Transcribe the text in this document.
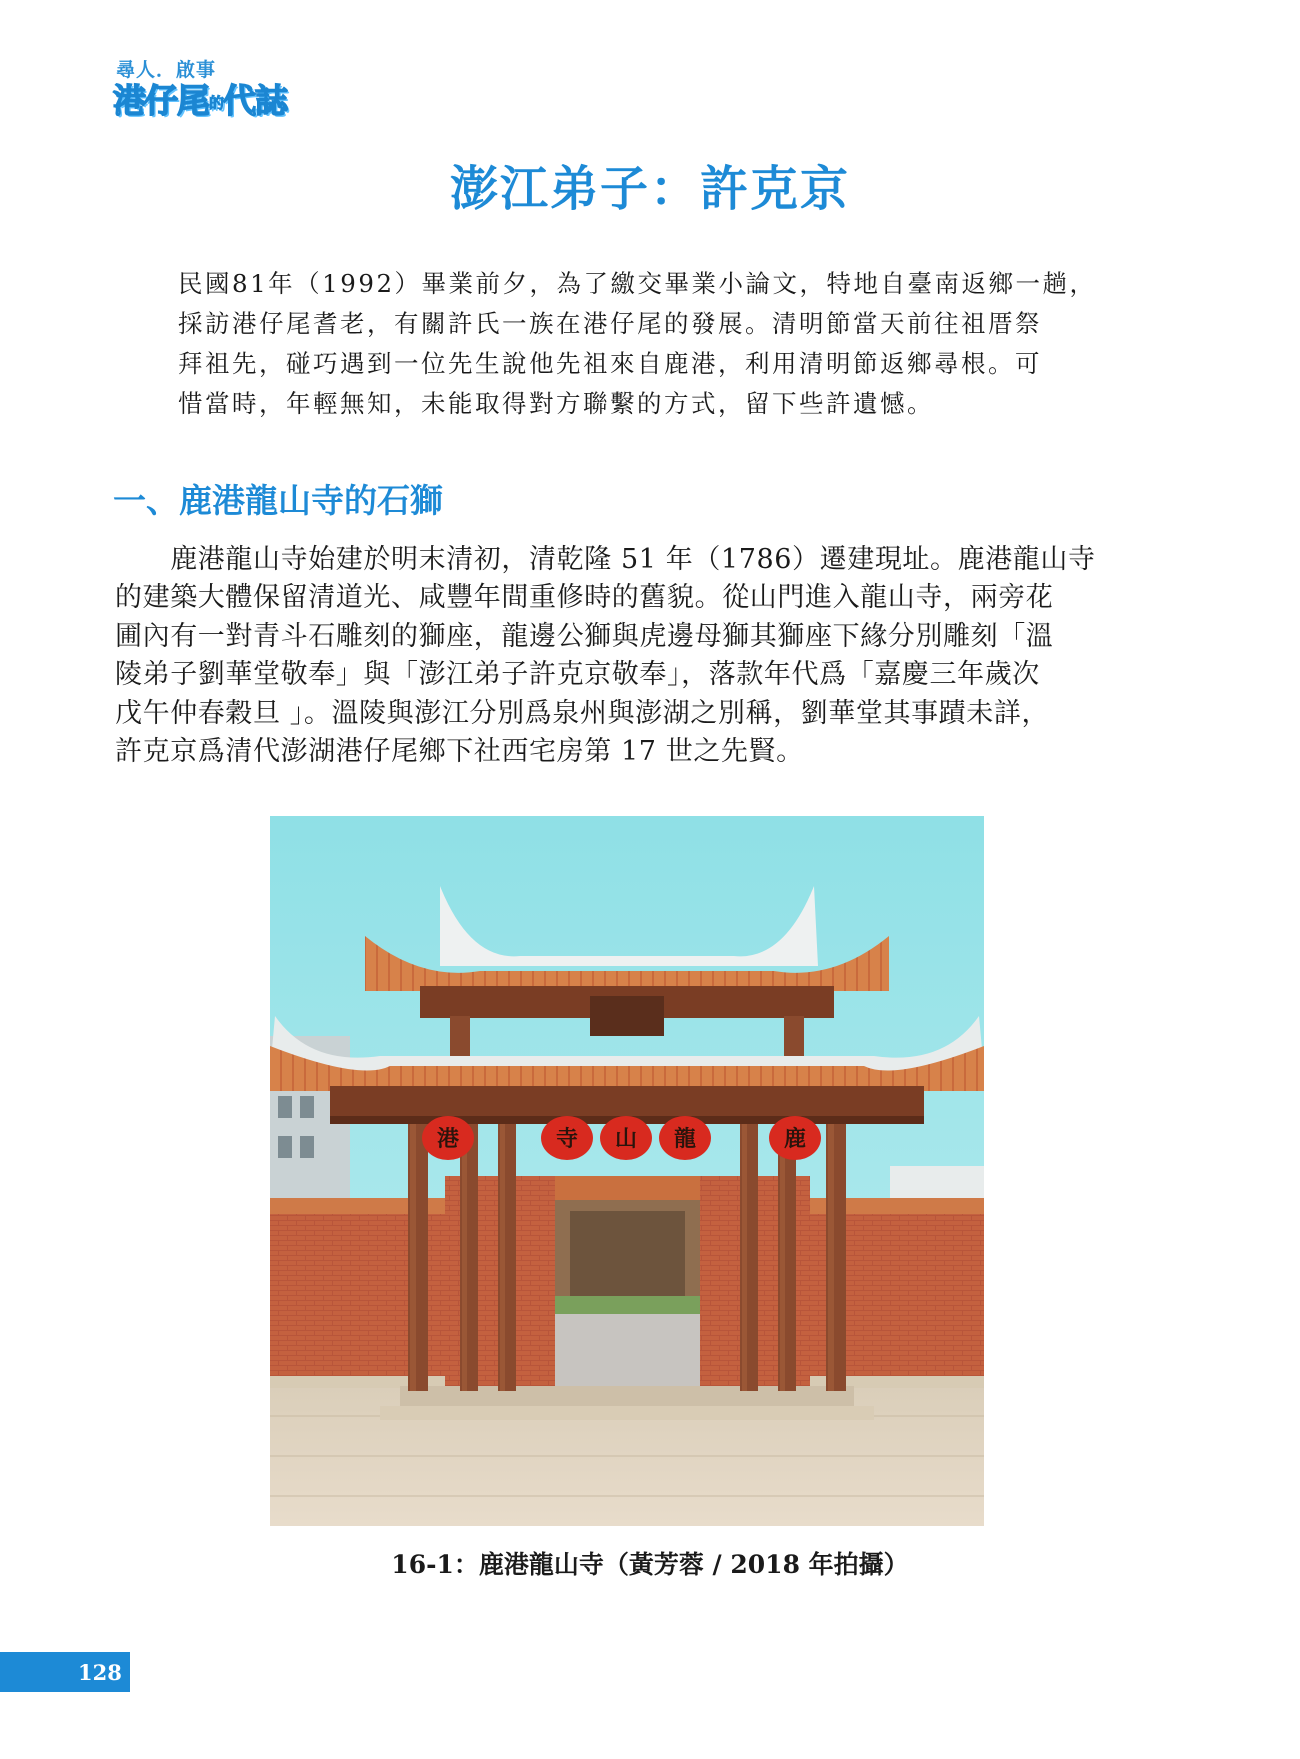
尋人．啟事
港仔尾的代誌
澎江弟子：許克京

民國81年（1992）畢業前夕，為了繳交畢業小論文，特地自臺南返鄉一趟，

採訪港仔尾耆老，有關許氏一族在港仔尾的發展。清明節當天前往祖厝祭

拜祖先，碰巧遇到一位先生說他先祖來自鹿港，利用清明節返鄉尋根。可

惜當時，年輕無知，未能取得對方聯繫的方式，留下些許遺憾。

一、鹿港龍山寺的石獅
　　鹿港龍山寺始建於明末清初，清乾隆 51 年（1786）遷建現址。鹿港龍山寺
的建築大體保留清道光、咸豐年間重修時的舊貌。從山門進入龍山寺，兩旁花
圃內有一對青斗石雕刻的獅座，龍邊公獅與虎邊母獅其獅座下緣分別雕刻「溫
陵弟子劉華堂敬奉」與「澎江弟子許克京敬奉」，落款年代爲「嘉慶三年歲次
戊午仲春穀旦 」。溫陵與澎江分別爲泉州與澎湖之別稱，劉華堂其事蹟未詳，
許克京爲清代澎湖港仔尾鄉下社西宅房第 17 世之先賢。
港	寺 山 龍	鹿

16-1：鹿港龍山寺（黃芳蓉 / 2018 年拍攝）

128
